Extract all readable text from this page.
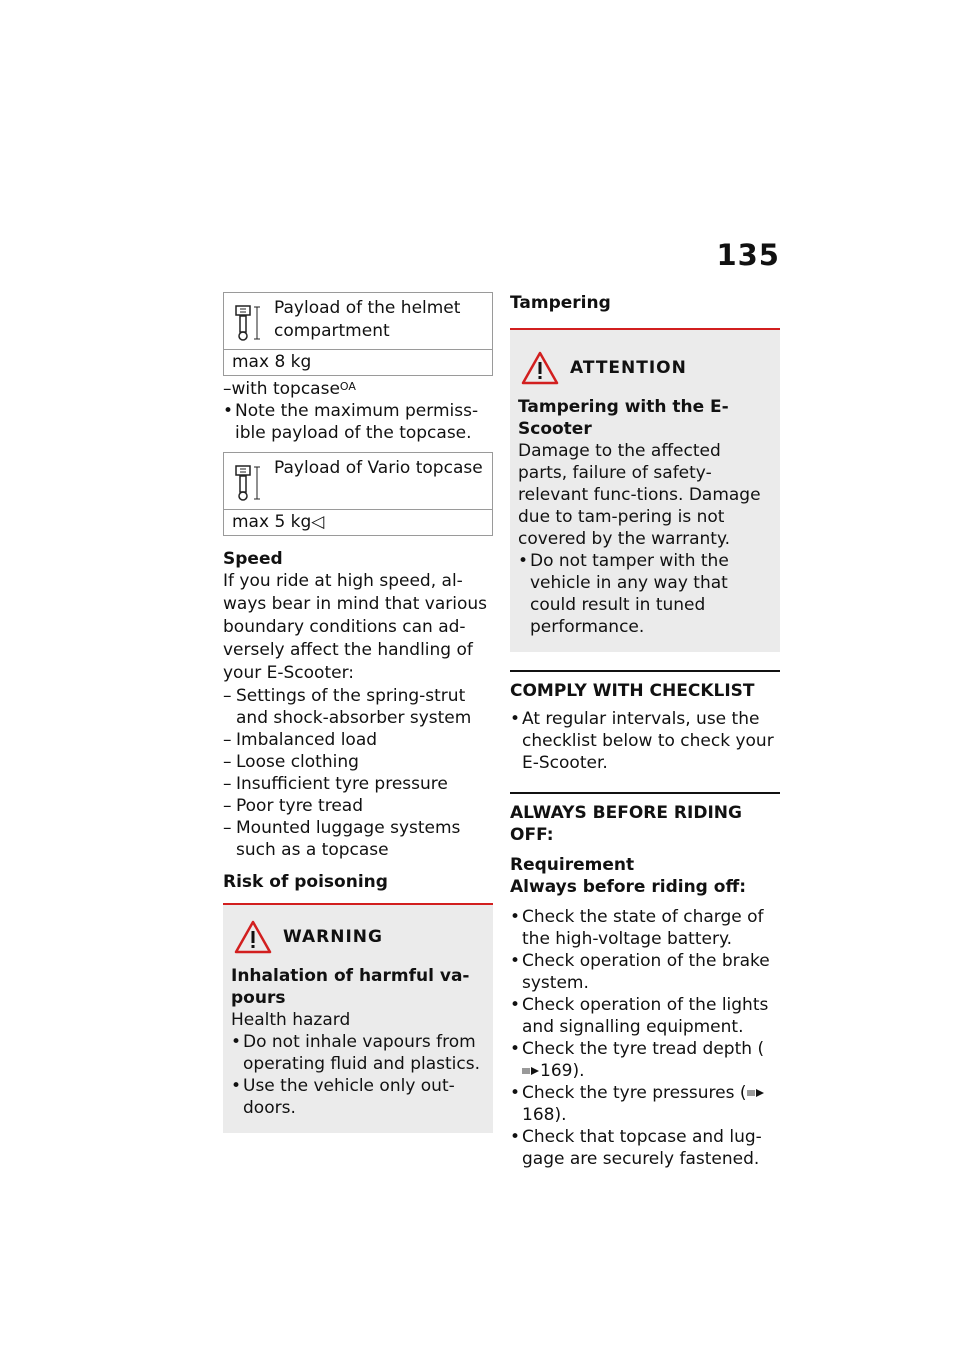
135
Payload of the helmet compartment
max 8 kg
–with topcase$^{OA}$
• Note the maximum permiss-ible payload of the topcase.
Payload of Vario topcase
max 5 kg◁
Speed
If you ride at high speed, al-ways bear in mind that various boundary conditions can ad-versely affect the handling of your E-Scooter:
– Settings of the spring-strut and shock-absorber system
– Imbalanced load
– Loose clothing
– Insufficient tyre pressure
– Poor tyre tread
– Mounted luggage systems such as a topcase
Risk of poisoning
WARNING
Inhalation of harmful va-pours
Health hazard
• Do not inhale vapours from operating fluid and plastics.
• Use the vehicle only out-doors.
Tampering
ATTENTION
Tampering with the E-Scooter
Damage to the affected parts, failure of safety-relevant func-tions. Damage due to tam-pering is not covered by the warranty.
• Do not tamper with the vehicle in any way that could result in tuned performance.
COMPLY WITH CHECKLIST
• At regular intervals, use the checklist below to check your E-Scooter.
ALWAYS BEFORE RIDING OFF:
Requirement
Always before riding off:
• Check the state of charge of the high-voltage battery.
• Check operation of the brake system.
• Check operation of the lights and signalling equipment.
• Check the tyre tread depth (169).
• Check the tyre pressures (168).
• Check that topcase and lug-gage are securely fastened.
